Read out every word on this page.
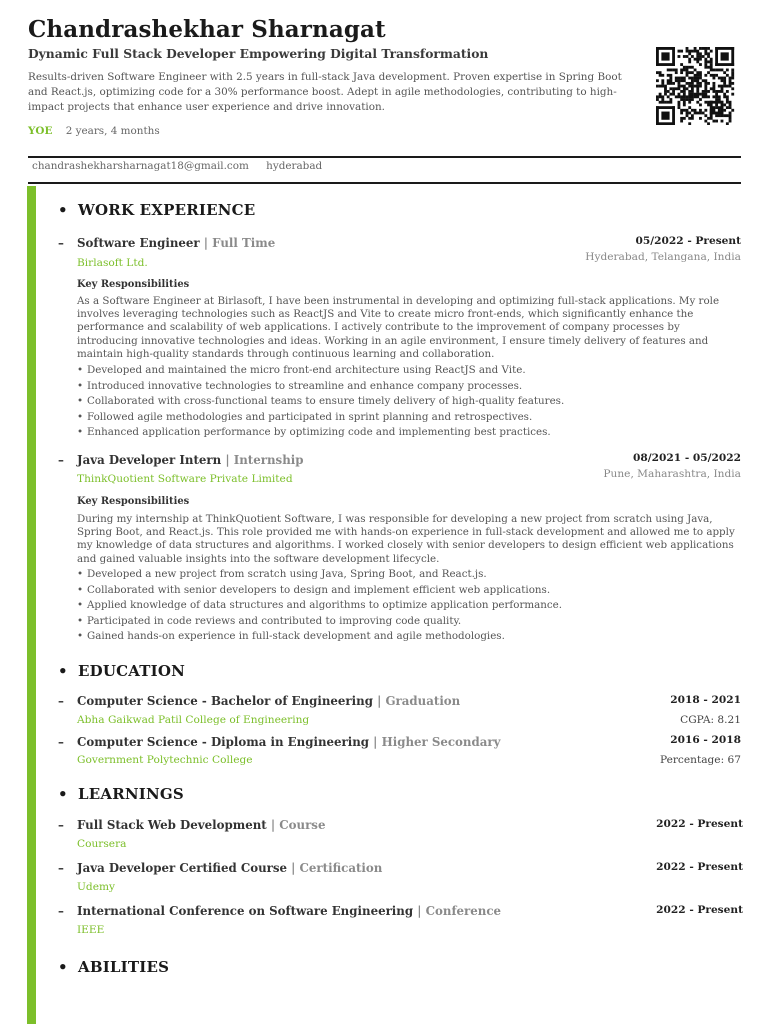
Chandrashekhar Sharnagat
Dynamic Full Stack Developer Empowering Digital Transformation
Results-driven Software Engineer with 2.5 years in full-stack Java development. Proven expertise in Spring Boot and React.js, optimizing code for a 30% performance boost. Adept in agile methodologies, contributing to high-impact projects that enhance user experience and drive innovation.
YOE 2 years, 4 months
chandrashekharsharnagat18@gmail.com hyderabad
• WORK EXPERIENCE
– Software Engineer | Full Time	05/2022 - Present
Birlasoft Ltd.	Hyderabad, Telangana, India
Key Responsibilities
As a Software Engineer at Birlasoft, I have been instrumental in developing and optimizing full-stack applications. My role involves leveraging technologies such as ReactJS and Vite to create micro front-ends, which significantly enhance the performance and scalability of web applications. I actively contribute to the improvement of company processes by introducing innovative technologies and ideas. Working in an agile environment, I ensure timely delivery of features and maintain high-quality standards through continuous learning and collaboration.
• Developed and maintained the micro front-end architecture using ReactJS and Vite.
• Introduced innovative technologies to streamline and enhance company processes.
• Collaborated with cross-functional teams to ensure timely delivery of high-quality features.
• Followed agile methodologies and participated in sprint planning and retrospectives.
• Enhanced application performance by optimizing code and implementing best practices.
– Java Developer Intern | Internship	08/2021 - 05/2022
ThinkQuotient Software Private Limited	Pune, Maharashtra, India
Key Responsibilities
During my internship at ThinkQuotient Software, I was responsible for developing a new project from scratch using Java, Spring Boot, and React.js. This role provided me with hands-on experience in full-stack development and allowed me to apply my knowledge of data structures and algorithms. I worked closely with senior developers to design efficient web applications and gained valuable insights into the software development lifecycle.
• Developed a new project from scratch using Java, Spring Boot, and React.js.
• Collaborated with senior developers to design and implement efficient web applications.
• Applied knowledge of data structures and algorithms to optimize application performance.
• Participated in code reviews and contributed to improving code quality.
• Gained hands-on experience in full-stack development and agile methodologies.
• EDUCATION
– Computer Science - Bachelor of Engineering | Graduation	2018 - 2021
Abha Gaikwad Patil College of Engineering	CGPA: 8.21
– Computer Science - Diploma in Engineering | Higher Secondary	2016 - 2018
Government Polytechnic College	Percentage: 67
• LEARNINGS
– Full Stack Web Development | Course	2022 - Present
Coursera
– Java Developer Certified Course | Certification	2022 - Present
Udemy
– International Conference on Software Engineering | Conference	2022 - Present
IEEE
• ABILITIES
